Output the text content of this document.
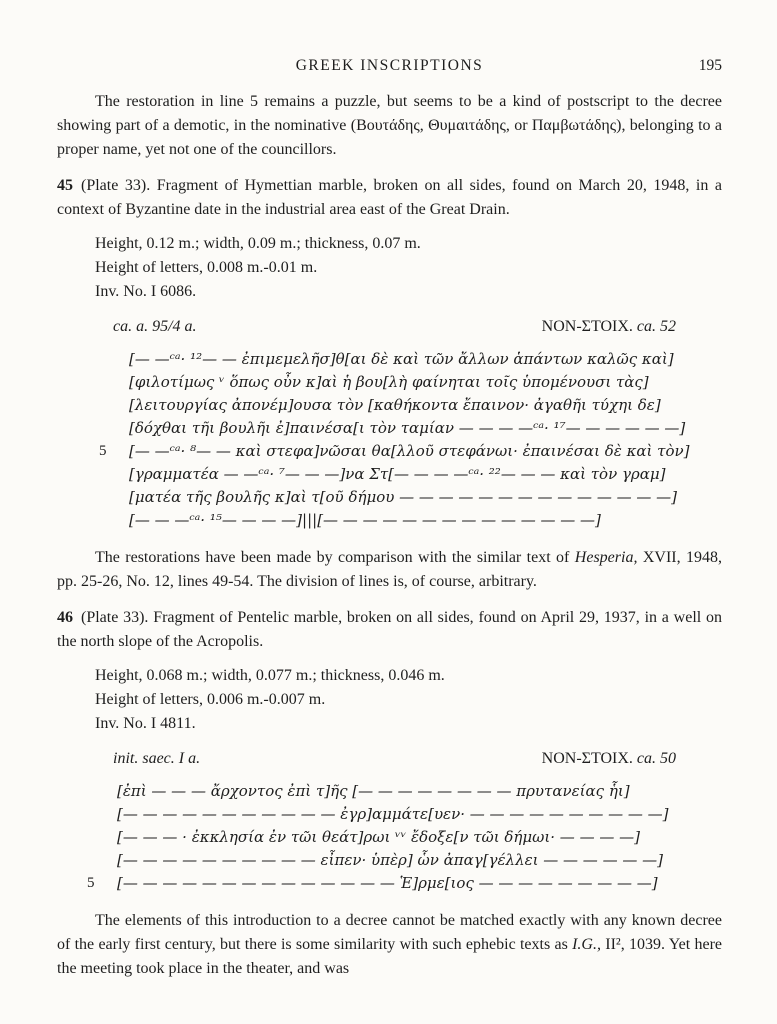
GREEK INSCRIPTIONS	195

The restoration in line 5 remains a puzzle, but seems to be a kind of postscript to the decree showing part of a demotic, in the nominative (Βουτάδης, Θυμαιτάδης, or Παμβωτάδης), belonging to a proper name, yet not one of the councillors.

45 (Plate 33). Fragment of Hymettian marble, broken on all sides, found on March 20, 1948, in a context of Byzantine date in the industrial area east of the Great Drain.

Height, 0.12 m.; width, 0.09 m.; thickness, 0.07 m.
Height of letters, 0.008 m.-0.01 m.
Inv. No. I 6086.
ca. a. 95/4 a.	ΝΟΝ-ΣΤΟΙΧ. ca. 52
[— —ᶜᵃ· ¹²— — ἐπιμεμελῆσ]θ[αι δὲ καὶ τῶν ἄλλων ἁπάντων καλῶς καὶ]
[φιλοτίμως ᵛ ὅπως οὖν κ]αὶ ἡ βου[λὴ φαίνηται τοῖς ὑπομένουσι τὰς]
[λειτουργίας ἀπονέμ]ουσα τὸν [καθήκοντα ἔπαινον· ἀγαθῆι τύχηι δε]
[δόχθαι τῆι βουλῆι ἐ]παινέσα[ι τὸν ταμίαν — — — —ᶜᵃ· ¹⁷— — — — — —]
5	[— —ᶜᵃ· ⁸— — καὶ στεφα]νῶσαι θα[λλοῦ στεφάνωι· ἐπαινέσαι δὲ καὶ τὸν]
[γραμματέα — —ᶜᵃ· ⁷— — —]να Στ[— — — —ᶜᵃ· ²²— — — καὶ τὸν γραμ]
[ματέα τῆς βουλῆς κ]αὶ τ[οῦ δήμου — — — — — — — — — — — — — —]
[— — —ᶜᵃ· ¹⁵— — — —]|||[— — — — — — — — — — — — — —]

The restorations have been made by comparison with the similar text of Hesperia, XVII, 1948, pp. 25-26, No. 12, lines 49-54. The division of lines is, of course, arbitrary.

46 (Plate 33). Fragment of Pentelic marble, broken on all sides, found on April 29, 1937, in a well on the north slope of the Acropolis.

Height, 0.068 m.; width, 0.077 m.; thickness, 0.046 m.
Height of letters, 0.006 m.-0.007 m.
Inv. No. I 4811.
init. saec. I a.	ΝΟΝ-ΣΤΟΙΧ. ca. 50
[ἐπὶ — — — ἄρχοντος ἐπὶ τ]ῆς [— — — — — — — — πρυτανείας ἧι]
[— — — — — — — — — — — ἐγρ]αμμάτε[υεν· — — — — — — — — — —]
[— — — · ἐκκλησία ἐν τῶι θεάτ]ρωι ᵛᵛ ἔδοξε[ν τῶι δήμωι· — — — —]
[— — — — — — — — — — εἶπεν· ὑπὲρ] ὧν ἀπαγ[γέλλει — — — — — —]
5	[— — — — — — — — — — — — — — Ἑ]ρμε[ιος — — — — — — — — —]

The elements of this introduction to a decree cannot be matched exactly with any known decree of the early first century, but there is some similarity with such ephebic texts as I.G., II², 1039. Yet here the meeting took place in the theater, and was
